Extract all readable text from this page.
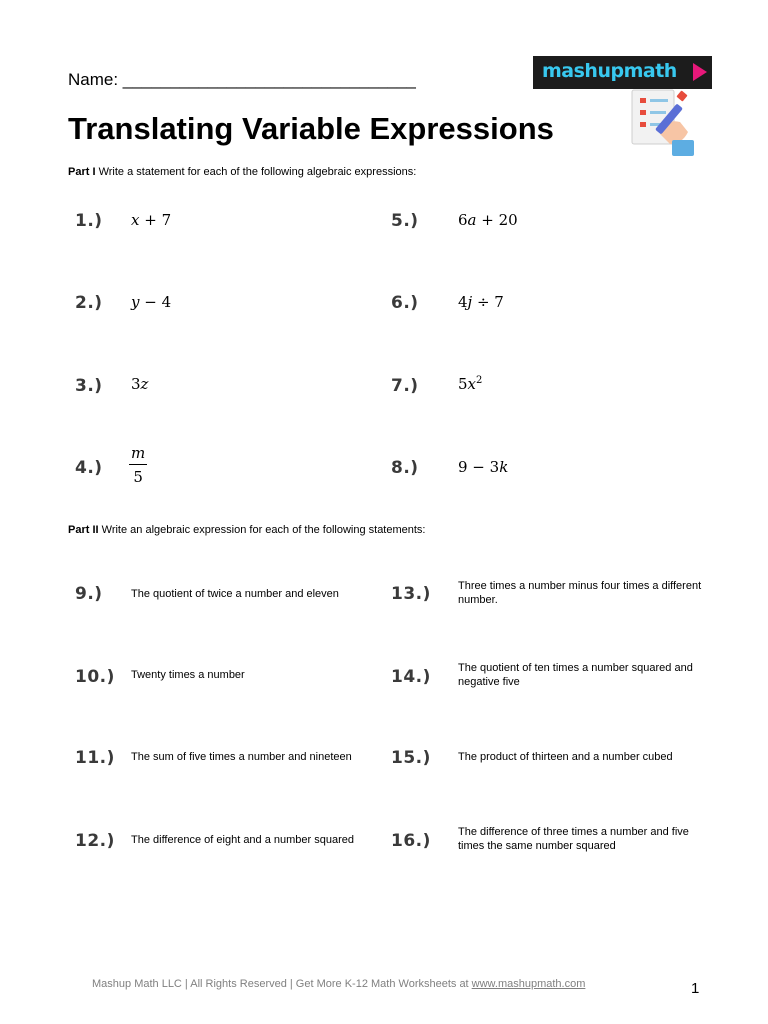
Name: _______________________________	mashupmath
Translating Variable Expressions
Part I Write a statement for each of the following algebraic expressions:
1.) x + 7
2.) y − 4
3.) 3z
$4.) \frac{m}{5}$
5.)	6a + 20
6.)	4j ÷ 7
7.)	$5x^2$
8.)	9 − 3k
Part II Write an algebraic expression for each of the following statements:
9.)	The quotient of twice a number and eleven
10.) Twenty times a number
11.) The sum of five times a number and nineteen
12.) The difference of eight and a number squared
13.) Three times a number minus four times a different number.
14.) The quotient of ten times a number squared and negative five
15.) The product of thirteen and a number cubed
16.) The difference of three times a number and five times the same number squared
Mashup Math LLC | All Rights Reserved | Get More K-12 Math Worksheets at www.mashupmath.com	1
